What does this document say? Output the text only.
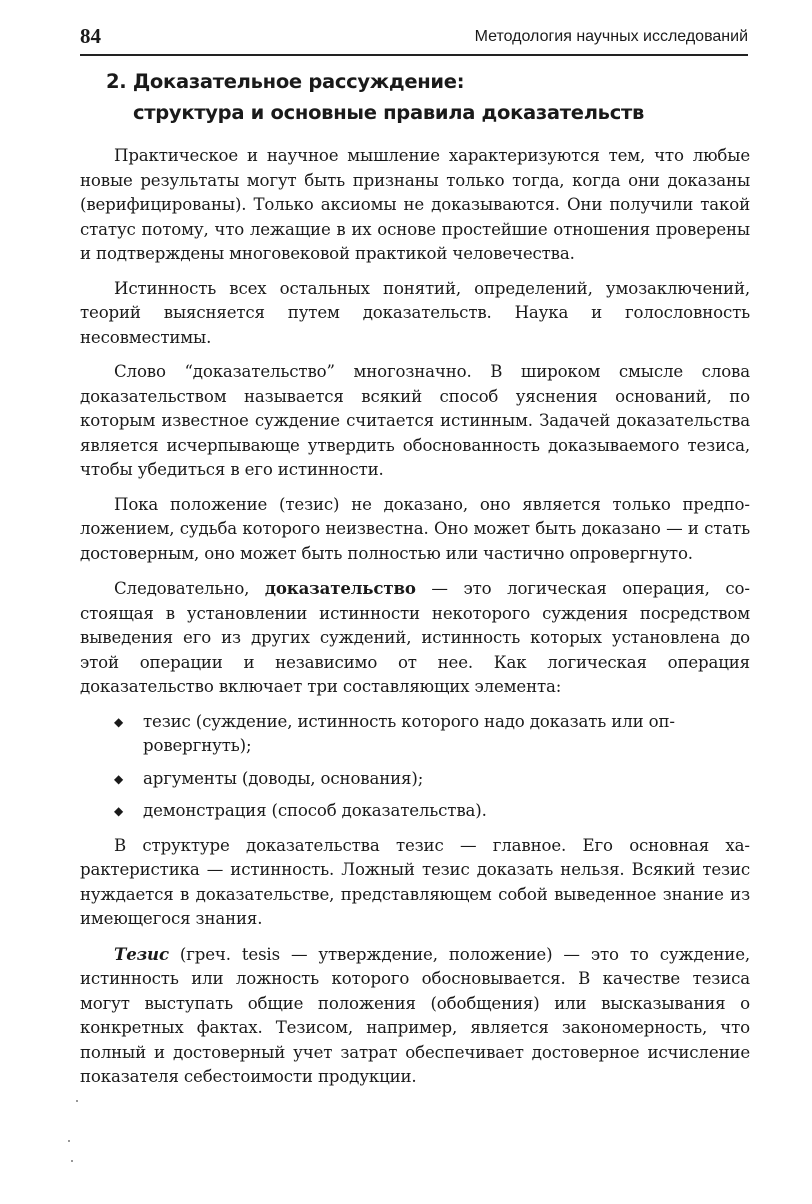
84	Методология научных исследований
2. Доказательное рассуждение:
структура и основные правила доказательств

Практическое и научное мышление характеризуются тем, что любые новые результаты могут быть признаны только тогда, когда они доказаны (верифицированы). Только аксиомы не доказываются. Они получили такой статус потому, что лежащие в их основе простейшие отношения проверены и подтверждены многовековой практикой человечества.

Истинность всех остальных понятий, определений, умозаключений, теорий выясняется путем доказательств. Наука и голословность несовместимы.

Слово “доказательство” многозначно. В широком смысле слова доказательством называется всякий способ уяснения оснований, по которым известное суждение считается истинным. Задачей доказательства является исчерпывающе утвердить обоснованность доказываемого тезиса, чтобы убедиться в его истинности.

Пока положение (тезис) не доказано, оно является только предположением, судьба которого неизвестна. Оно может быть доказано — и стать достоверным, оно может быть полностью или частично опровергнуто.

Следовательно, доказательство — это логическая операция, состоящая в установлении истинности некоторого суждения посредством выведения его из других суждений, истинность которых установлена до этой операции и независимо от нее. Как логическая операция доказательство включает три составляющих элемента:

◆ тезис (суждение, истинность которого надо доказать или опровергнуть);
◆ аргументы (доводы, основания);
◆ демонстрация (способ доказательства).

В структуре доказательства тезис — главное. Его основная характеристика — истинность. Ложный тезис доказать нельзя. Всякий тезис нуждается в доказательстве, представляющем собой выведенное знание из имеющегося знания.

Тезис (греч. tesis — утверждение, положение) — это то суждение, истинность или ложность которого обосновывается. В качестве тезиса могут выступать общие положения (обобщения) или высказывания о конкретных фактах. Тезисом, например, является закономерность, что полный и достоверный учет затрат обеспечивает достоверное исчисление показателя себестоимости продукции.
